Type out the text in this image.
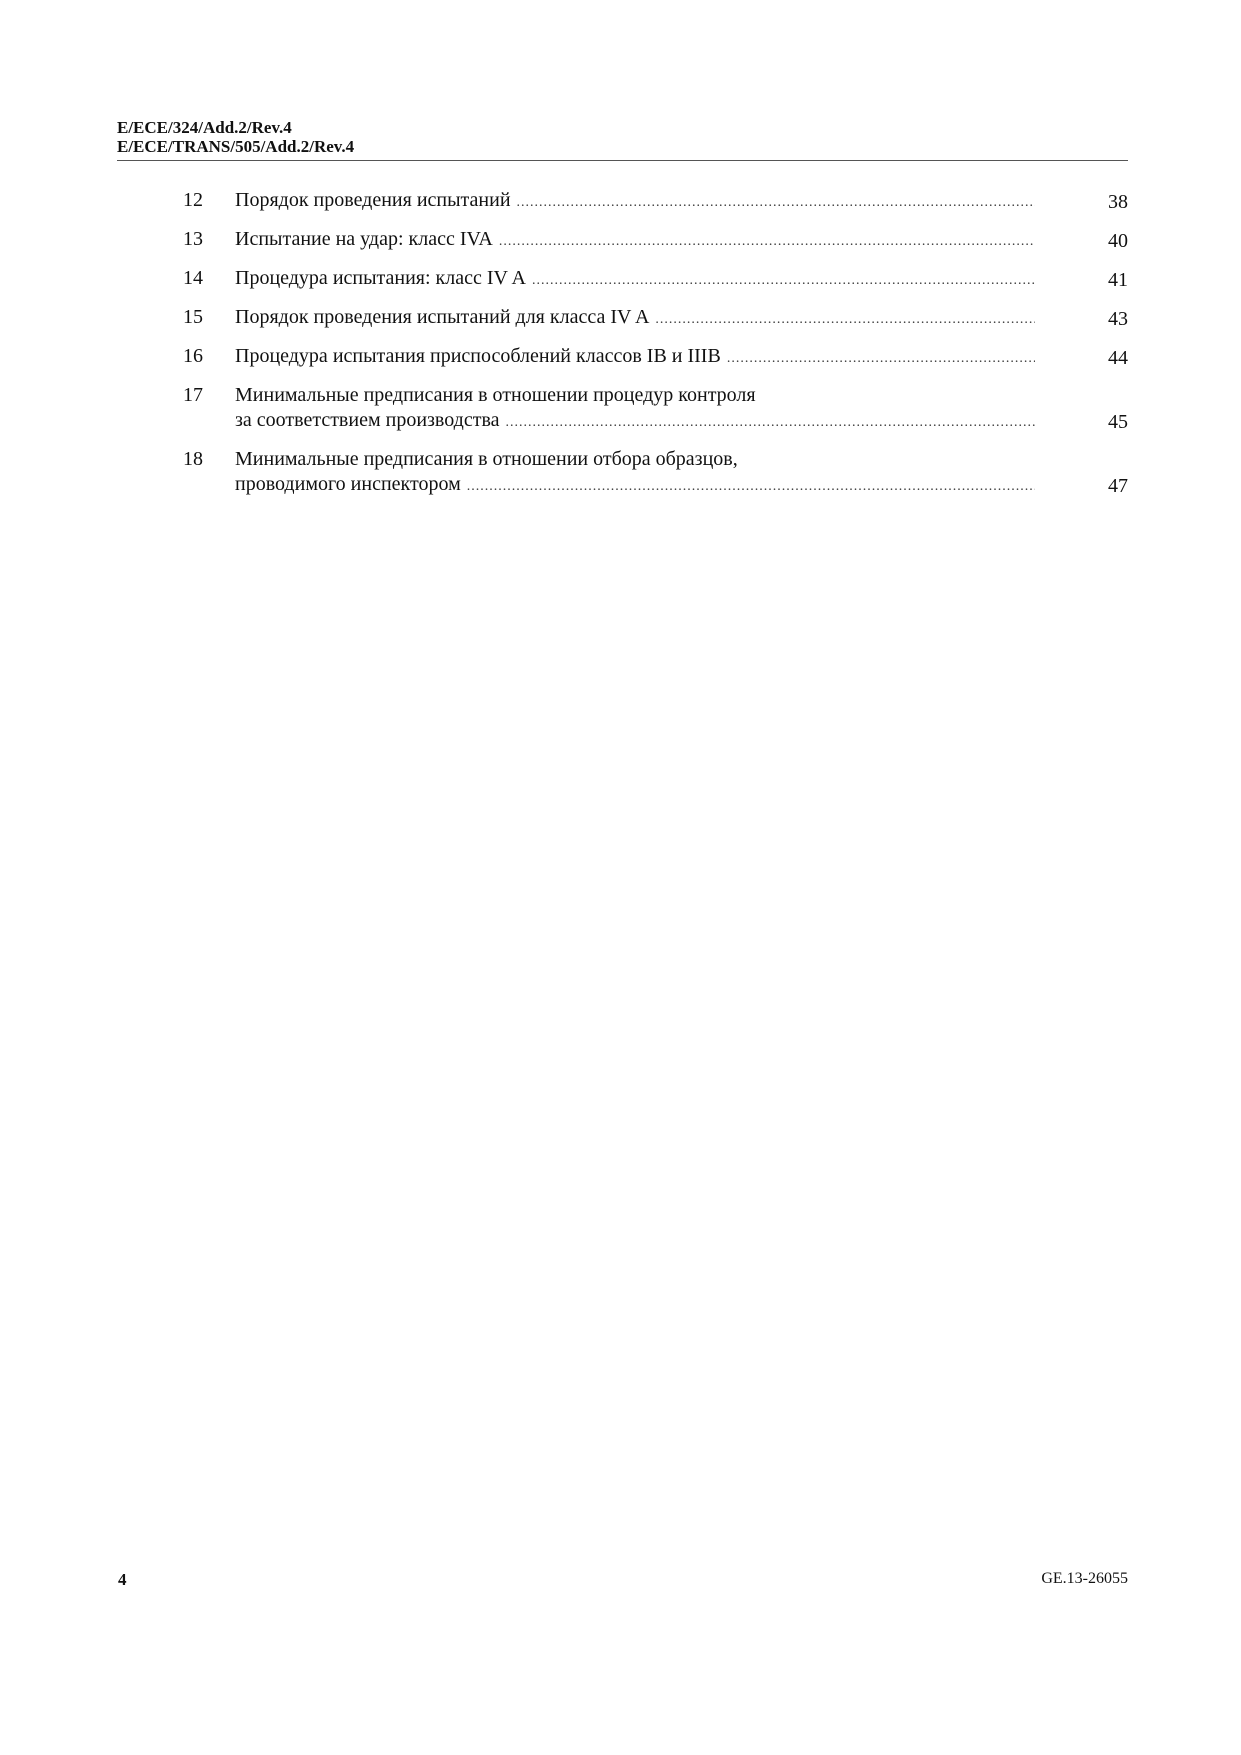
E/ECE/324/Add.2/Rev.4
E/ECE/TRANS/505/Add.2/Rev.4
12	Порядок проведения испытаний .....	38
13	Испытание на удар: класс IVA .....	40
14	Процедура испытания: класс IV A .....	41
15	Порядок проведения испытаний для класса IV A .....	43
16	Процедура испытания приспособлений классов IB и IIIB .....	44
17	Минимальные предписания в отношении процедур контроля
за соответствием производства .....	45
18	Минимальные предписания в отношении отбора образцов,
проводимого инспектором .....	47
4	GE.13-26055
